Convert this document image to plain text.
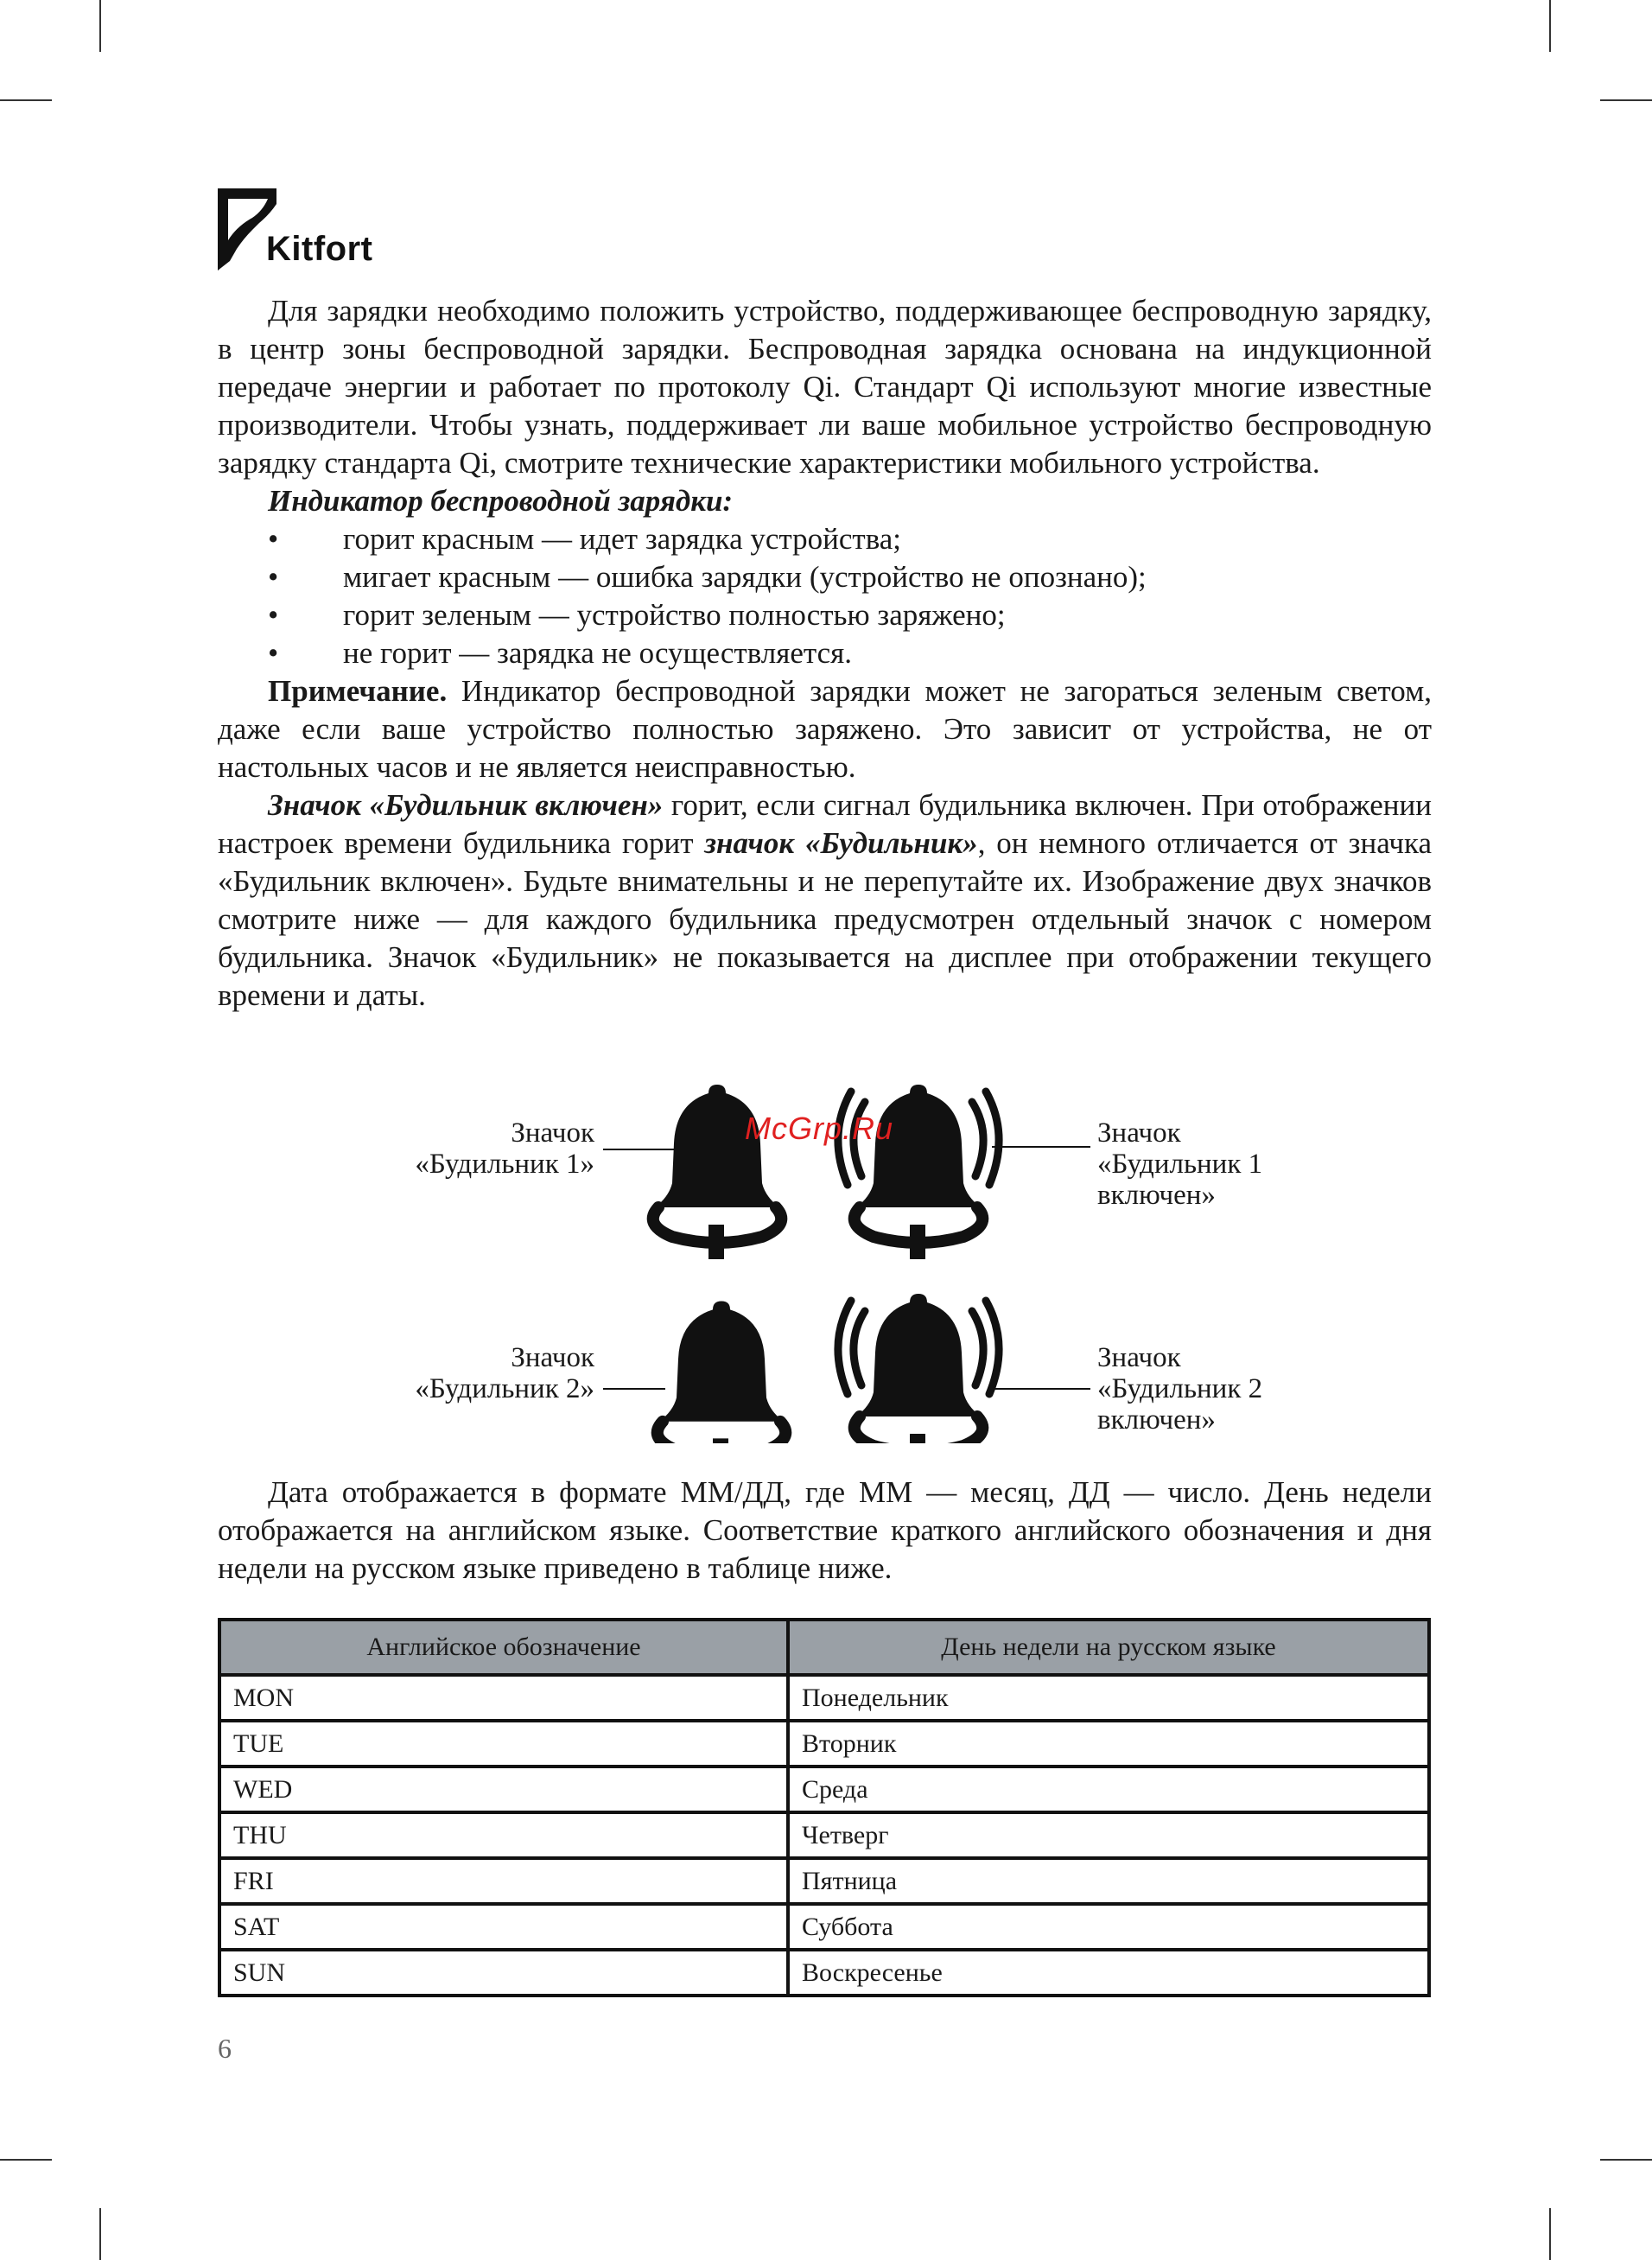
Kitfort

Для зарядки необходимо положить устройство, поддерживающее беспроводную зарядку, в центр зоны беспроводной зарядки. Беспроводная зарядка основана на индукционной передаче энергии и работает по протоколу Qi. Стандарт Qi используют многие известные производители. Чтобы узнать, поддерживает ли ваше мобильное устройство беспроводную зарядку стандарта Qi, смотрите технические характеристики мобильного устройства.

Индикатор беспроводной зарядки:

• горит красным — идет зарядка устройства;

• мигает красным — ошибка зарядки (устройство не опознано);

• горит зеленым — устройство полностью заряжено;

• не горит — зарядка не осуществляется.

Примечание. Индикатор беспроводной зарядки может не загораться зеленым светом, даже если ваше устройство полностью заряжено. Это зависит от устройства, не от настольных часов и не является неисправностью.

Значок «Будильник включен» горит, если сигнал будильника включен. При отображении настроек времени будильника горит значок «Будильник», он немного отличается от значка «Будильник включен». Будьте внимательны и не перепутайте их. Изображение двух значков смотрите ниже — для каждого будильника предусмотрен отдельный значок с номером будильника. Значок «Будильник» не показывается на дисплее при отображении текущего времени и даты.

Значок
«Будильник 1»
Значок
«Будильник 1
включен»
Значок
«Будильник 2»
Значок
«Будильник 2
включен»
McGrp.Ru

Дата отображается в формате ММ/ДД, где ММ — месяц, ДД — число. День недели отображается на английском языке. Соответствие краткого английского обозначения и дня недели на русском языке приведено в таблице ниже.

Английское обозначение	День недели на русском языке
MON	Понедельник
TUE	Вторник
WED	Среда
THU	Четверг
FRI	Пятница
SAT	Суббота
SUN	Воскресенье
6
